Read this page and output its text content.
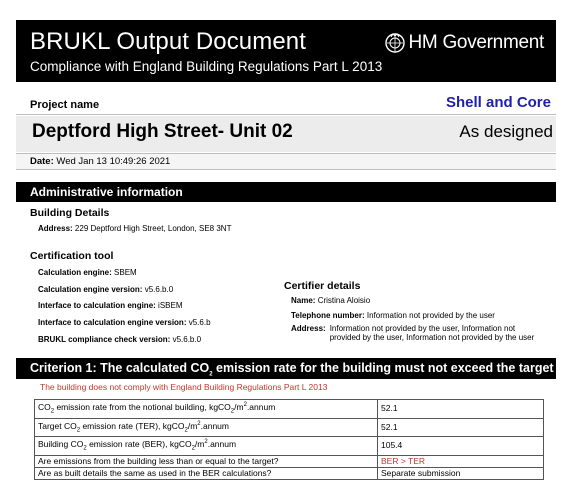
BRUKL Output Document
Compliance with England Building Regulations Part L 2013
HM Government
Project name	Shell and Core
Deptford High Street- Unit 02	As designed
Date: Wed Jan 13 10:49:26 2021
Administrative information
Building Details
Address: 229 Deptford High Street, London, SE8 3NT
Certification tool
Calculation engine: SBEM
Calculation engine version: v5.6.b.0
Interface to calculation engine: iSBEM
Interface to calculation engine version: v5.6.b
BRUKL compliance check version: v5.6.b.0
Certifier details
Name: Cristina Aloisio
Telephone number: Information not provided by the user
Address: Information not provided by the user, Information not provided by the user, Information not provided by the user
Criterion 1: The calculated $CO_2$ emission rate for the building must not exceed the target
The building does not comply with England Building Regulations Part L 2013
$CO_2$ emission rate from the notional building, $kgCO_2/m^2.annum$	52.1
Target $CO_2$ emission rate (TER), $kgCO_2/m^2.annum$	52.1
Building $CO_2$ emission rate (BER), $kgCO_2/m^2.annum$	105.4
Are emissions from the building less than or equal to the target?	BER > TER
Are as built details the same as used in the BER calculations?	Separate submission
